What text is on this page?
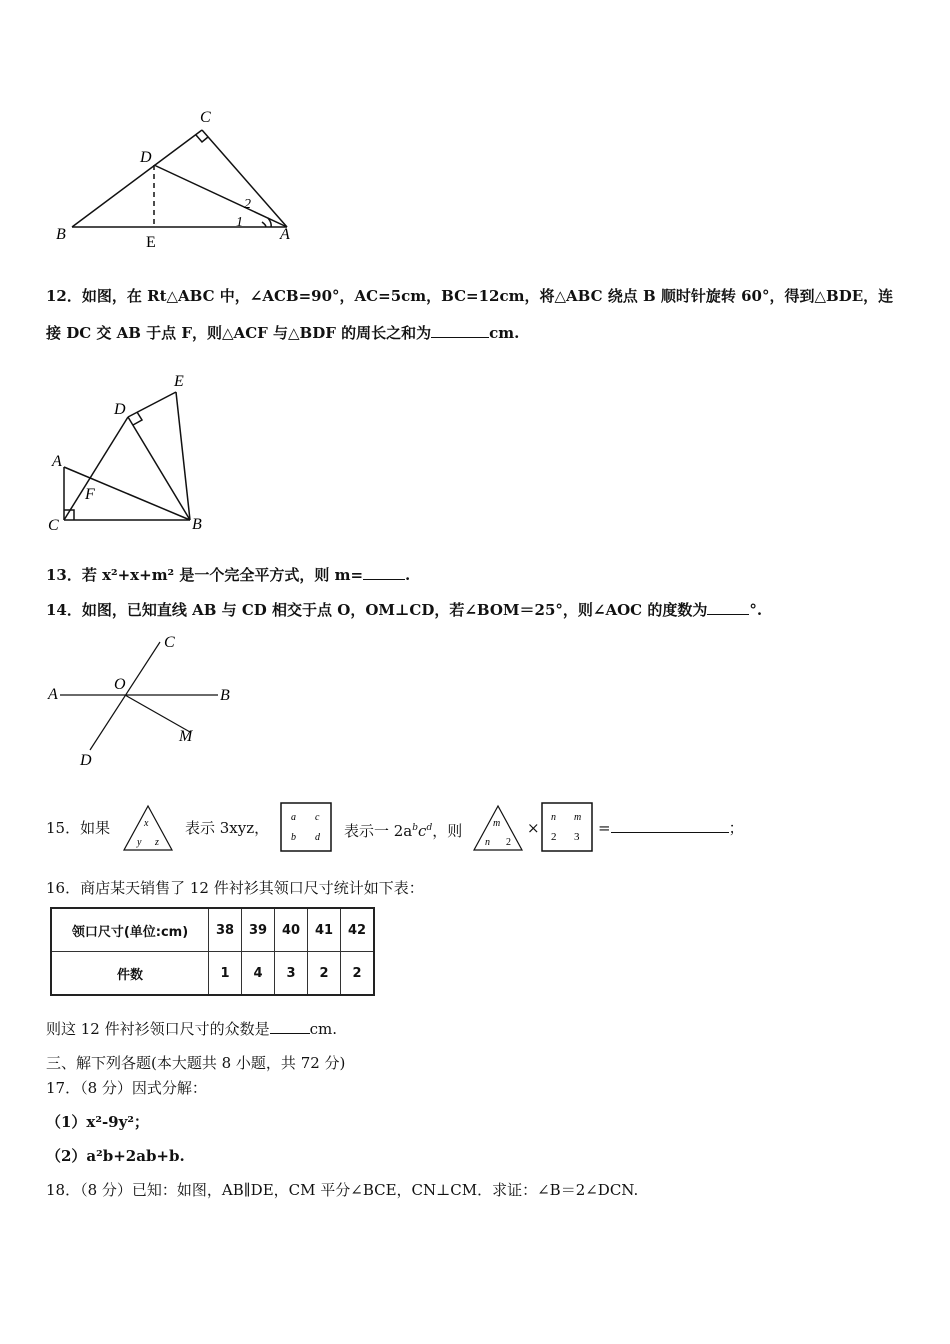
C
D
B	E	A
1
2
12．如图，在 Rt△ABC 中，∠ACB=90°，AC=5cm，BC=12cm，将△ABC 绕点 B 顺时针旋转 60°，得到△BDE，连
接 DC 交 AB 于点 F，则△ACF 与△BDF 的周长之和为	cm.
E
D
A
F
C	B
13．若 x²+x+m² 是一个完全平方式，则 m=	.
14．如图，已知直线 AB 与 CD 相交于点 O，OM⊥CD，若∠BOM＝25°，则∠AOC 的度数为	°.
C
A
O
B
M
D
15．如果	x
y z
表示 3xyz，
a c
b d 表示一 $2a^bc^d$，则	m
n 2
×
n m
2 3 =	；
16．商店某天销售了 12 件衬衫其领口尺寸统计如下表：
领口尺寸(单位:cm)	38	39	40	41	42
件数	1	4	3	2	2
则这 12 件衬衫领口尺寸的众数是	cm.
三、解下列各题(本大题共 8 小题，共 72 分)
17．（8 分）因式分解：
（1）x²-9y²；
（2）a²b+2ab+b.
18．（8 分）已知：如图，AB∥DE，CM 平分∠BCE，CN⊥CM．求证：∠B＝2∠DCN.
